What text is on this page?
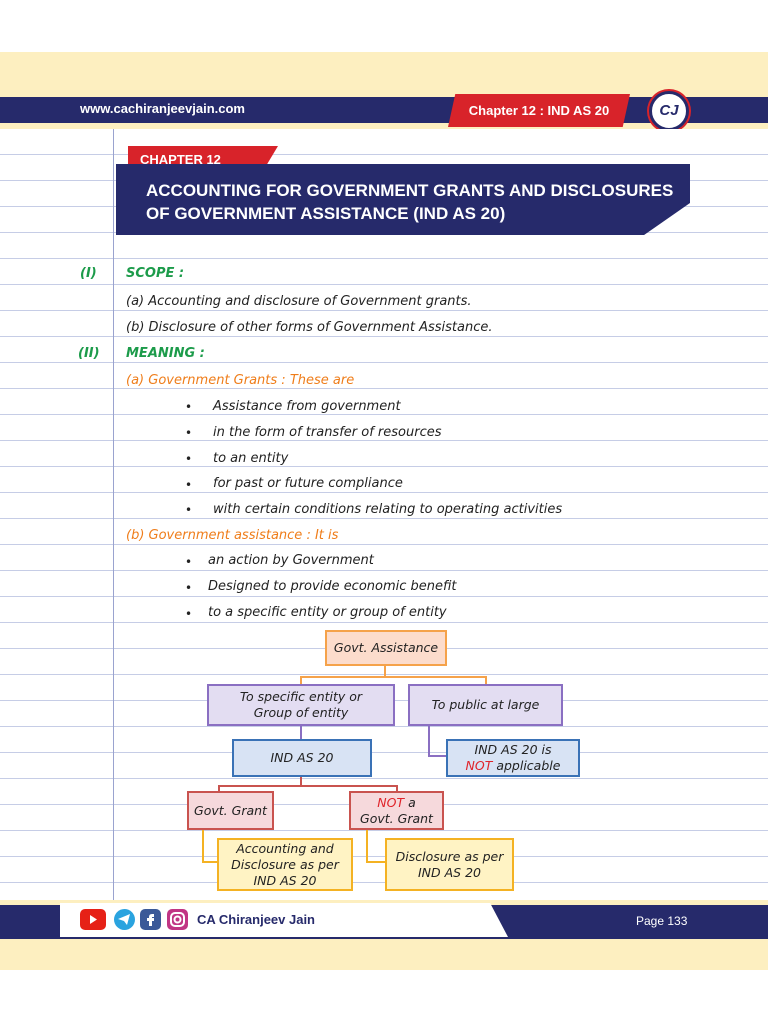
www.cachiranjeevjain.com	Chapter 12 : IND AS 20	CJ
CHAPTER 12
ACCOUNTING FOR GOVERNMENT GRANTS AND DISCLOSURES
OF GOVERNMENT ASSISTANCE (IND AS 20)
(I) SCOPE :
(a) Accounting and disclosure of Government grants.
(b) Disclosure of other forms of Government Assistance.
(II) MEANING :
(a) Government Grants : These are
• Assistance from government
• in the form of transfer of resources
• to an entity
• for past or future compliance
• with certain conditions relating to operating activities
(b) Government assistance : It is
• an action by Government
• Designed to provide economic benefit
• to a specific entity or group of entity
Govt. Assistance
To specific entity or
Group of entity
To public at large
IND AS 20
IND AS 20 is
NOT applicable
Govt. Grant
NOT a
Govt. Grant
Accounting and
Disclosure as per
IND AS 20
Disclosure as per
IND AS 20
CA Chiranjeev Jain	Page 133
